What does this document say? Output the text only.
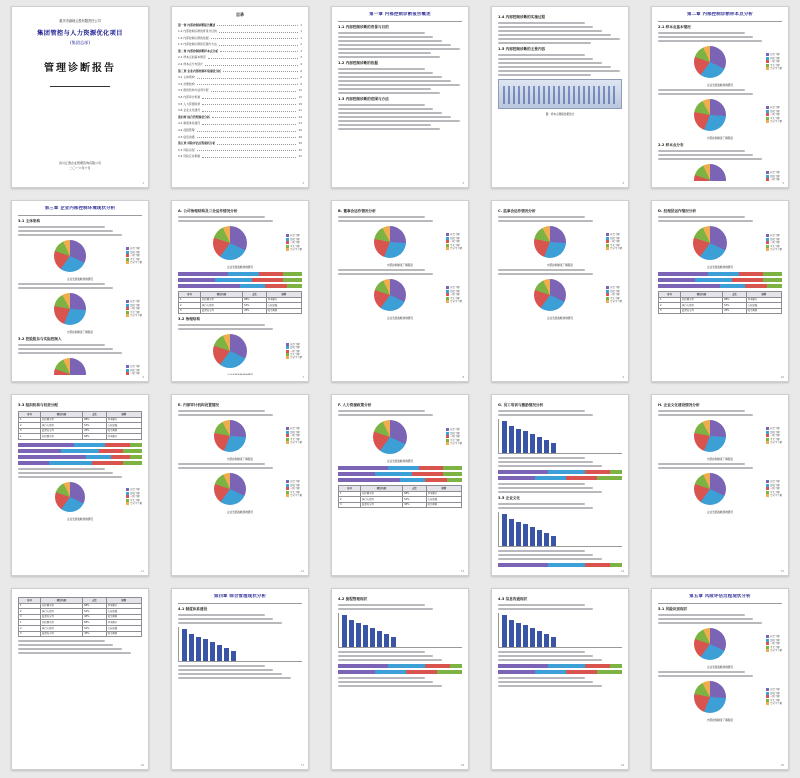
重庆市渝地云投有限责任公司
集团管控与人力资源优化项目
(集团总部)
管理诊断报告
四川江源企业管理咨询有限公司
二〇一六年十月
1
目录
第一章 内部控制诊断报告概述	1
1.1 内部控制诊断的背景与目的	1
1.2 内部控制诊断的依据	1
1.3 内部控制诊断的范围与方法	2
第二章 内部控制诊断样本点分析	3
2.1 样本点的基本情况	3
2.2 样本点分布统计	4
第三章 企业内部控制环境现状分析	6
3.1 主体架构	6
3.2 治理结构	9
3.3 组织机构与权责分配	12
3.4 内部审计机制	15
3.5 人力资源政策	18
3.6 企业文化建设	21
第四章 综合管理现状分析	24
4.1 制度体系建设	24
4.2 流程管理	26
4.3 信息沟通	28
第五章 风险评估过程现状分析	30
5.1 风险识别	30
5.2 风险应对策略	32
2
第一章 内部控制诊断报告概述
1.1 内部控制诊断的背景与目的
1.2 内部控制诊断的依据
1.3 内部控制诊断的范围与方法
3
1.4 内部控制诊断的实施过程
1.5 内部控制诊断的主要内容
图：样本点调查结果统计
4
第二章 内部控制诊断样本点分析
2.1 样本点基本情况
非常了解
比较了解
一般了解
不太了解
完全不了解
企业发展战略知晓情况
非常了解
比较了解
一般了解
不太了解
完全不了解
内部控制制度了解程度
2.2 样本点分布
非常了解
比较了解
一般了解
5
第三章 企业内部控制环境现状分析
3.1 主体架构
非常了解
比较了解
一般了解
不太了解
完全不了解
企业发展战略知晓情况
非常了解
比较了解
一般了解
不太了解
完全不了解
内部控制制度了解程度
3.2 控股股东与实际控制人
非常了解
比较了解
一般了解
6
A. 公司治理结构及三会运作情况分析
非常了解
比较了解
一般了解
不太了解
完全不了解
企业发展战略知晓情况
序号	项目内容	占比	说明
1	制度健全性	68%	基本健全
2	执行有效性	52%	有待加强
3	监督充分性	45%	较为薄弱
3.2 治理结构
非常了解
比较了解
一般了解
不太了解
完全不了解

7
B. 董事会运作情况分析
非常了解
比较了解
一般了解
不太了解
完全不了解
内部控制制度了解程度
非常了解
比较了解
一般了解
不太了解
完全不了解
企业发展战略知晓情况
8
C. 监事会运作情况分析
非常了解
比较了解
一般了解
不太了解
完全不了解
内部控制制度了解程度
非常了解
比较了解
一般了解
不太了解
完全不了解
企业发展战略知晓情况
9
D. 经理层运作情况分析
非常了解
比较了解
一般了解
不太了解
完全不了解
企业发展战略知晓情况
序号	项目内容	占比	说明
1	制度健全性	68%	基本健全
2	执行有效性	52%	有待加强
3	监督充分性	45%	较为薄弱
10
3.3 组织机构与权责分配
序号	项目内容	占比	说明
1	制度健全性	68%	基本健全
2	执行有效性	52%	有待加强
3	监督充分性	45%	较为薄弱
1	制度健全性	68%	基本健全
非常了解
比较了解
一般了解
不太了解
完全不了解
企业发展战略知晓情况
11
E. 内部审计机构设置情况
非常了解
比较了解
一般了解
不太了解
完全不了解
内部控制制度了解程度
非常了解
比较了解
一般了解
不太了解
完全不了解
企业发展战略知晓情况
12
F. 人力资源政策分析
非常了解
比较了解
一般了解
不太了解
完全不了解
企业发展战略知晓情况
序号	项目内容	占比	说明
1	制度健全性	68%	基本健全
2	执行有效性	52%	有待加强
3	监督充分性	45%	较为薄弱
13
G. 员工培训与激励情况分析
3.5 企业文化
14
H. 企业文化建设情况分析
非常了解
比较了解
一般了解
不太了解
完全不了解
内部控制制度了解程度
非常了解
比较了解
一般了解
不太了解
完全不了解
企业发展战略知晓情况
15
序号	项目内容	占比	说明
1	制度健全性	68%	基本健全
2	执行有效性	52%	有待加强
3	监督充分性	45%	较为薄弱
1	制度健全性	68%	基本健全
2	执行有效性	52%	有待加强
3	监督充分性	45%	较为薄弱
16
第四章 综合管理现状分析
4.1 制度体系建设
17
4.2 流程管理现状
18
4.3 信息沟通现状
19
第五章 风险评估过程现状分析
5.1 风险识别现状
非常了解
比较了解
一般了解
不太了解
完全不了解
企业发展战略知晓情况
非常了解
比较了解
一般了解
不太了解
完全不了解
内部控制制度了解程度
20
